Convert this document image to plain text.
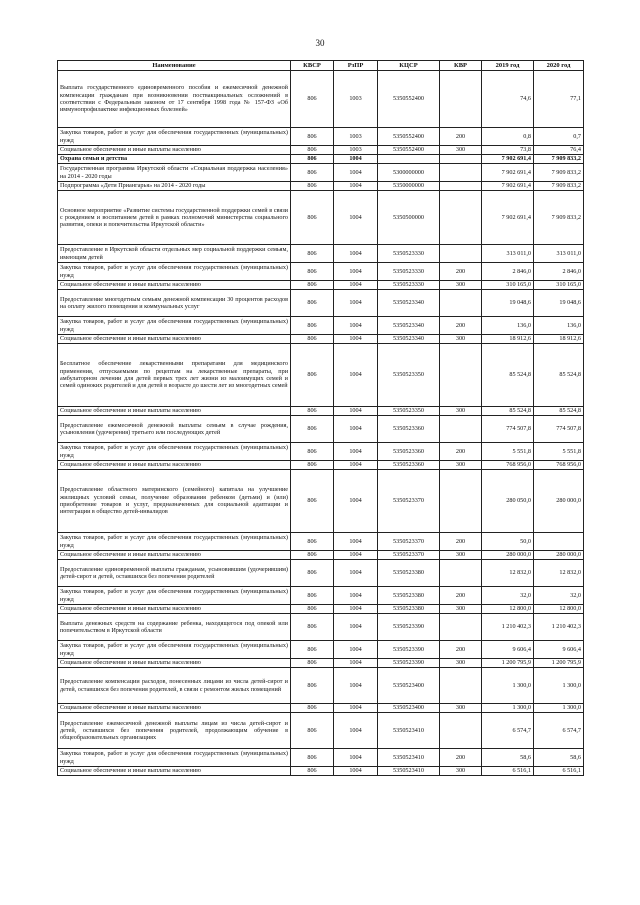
30
Наименование	КВСР	РзПР	КЦСР	КВР	2019 год	2020 год
Выплата государственного единовременного пособия и ежемесячной денежной компенсации гражданам при возникновении поствакцинальных осложнений в соответствии с Федеральным законом от 17 сентября 1998 года № 157-ФЗ «Об иммунопрофилактике инфекционных болезней»	806	1003	5350552400		74,6	77,1
Закупка товаров, работ и услуг для обеспечения государственных (муниципальных) нужд	806	1003	5350552400	200	0,8	0,7
Социальное обеспечение и иные выплаты населению	806	1003	5350552400	300	73,8	76,4
Охрана семьи и детства	806	1004			7 902 691,4	7 909 833,2
Государственная программа Иркутской области «Социальная поддержка населения» на 2014 - 2020 годы	806	1004	5300000000		7 902 691,4	7 909 833,2
Подпрограмма «Дети Приангарья» на 2014 - 2020 годы	806	1004	5350000000		7 902 691,4	7 909 833,2
Основное мероприятие «Развитие системы государственной поддержки семей в связи с рождением и воспитанием детей в рамках полномочий министерства социального развития, опеки и попечительства Иркутской области»	806	1004	5350500000		7 902 691,4	7 909 833,2
Предоставление в Иркутской области отдельных мер социальной поддержки семьям, имеющим детей	806	1004	5350523330		313 011,0	313 011,0
Закупка товаров, работ и услуг для обеспечения государственных (муниципальных) нужд	806	1004	5350523330	200	2 846,0	2 846,0
Социальное обеспечение и иные выплаты населению	806	1004	5350523330	300	310 165,0	310 165,0
Предоставление многодетным семьям денежной компенсации 30 процентов расходов на оплату жилого помещения и коммунальных услуг	806	1004	5350523340		19 048,6	19 048,6
Закупка товаров, работ и услуг для обеспечения государственных (муниципальных) нужд	806	1004	5350523340	200	136,0	136,0
Социальное обеспечение и иные выплаты населению	806	1004	5350523340	300	18 912,6	18 912,6
Бесплатное обеспечение лекарственными препаратами для медицинского применения, отпускаемыми по рецептам на лекарственные препараты, при амбулаторном лечении для детей первых трех лет жизни из малоимущих семей и семей одиноких родителей и для детей в возрасте до шести лет из многодетных семей	806	1004	5350523350		85 524,8	85 524,8
Социальное обеспечение и иные выплаты населению	806	1004	5350523350	300	85 524,8	85 524,8
Предоставление ежемесячной денежной выплаты семьям в случае рождения, усыновления (удочерения) третьего или последующих детей	806	1004	5350523360		774 507,8	774 507,8
Закупка товаров, работ и услуг для обеспечения государственных (муниципальных) нужд	806	1004	5350523360	200	5 551,8	5 551,8
Социальное обеспечение и иные выплаты населению	806	1004	5350523360	300	768 956,0	768 956,0
Предоставление областного материнского (семейного) капитала на улучшение жилищных условий семьи, получение образования ребенком (детьми) и (или) приобретение товаров и услуг, предназначенных для социальной адаптации и интеграции в общество детей-инвалидов	806	1004	5350523370		280 050,0	280 000,0
Закупка товаров, работ и услуг для обеспечения государственных (муниципальных) нужд	806	1004	5350523370	200	50,0	
Социальное обеспечение и иные выплаты населению	806	1004	5350523370	300	280 000,0	280 000,0
Предоставление единовременной выплаты гражданам, усыновившим (удочерившим) детей-сирот и детей, оставшихся без попечения родителей	806	1004	5350523380		12 832,0	12 832,0
Закупка товаров, работ и услуг для обеспечения государственных (муниципальных) нужд	806	1004	5350523380	200	32,0	32,0
Социальное обеспечение и иные выплаты населению	806	1004	5350523380	300	12 800,0	12 800,0
Выплата денежных средств на содержание ребенка, находящегося под опекой или попечительством в Иркутской области	806	1004	5350523390		1 210 402,3	1 210 402,3
Закупка товаров, работ и услуг для обеспечения государственных (муниципальных) нужд	806	1004	5350523390	200	9 606,4	9 606,4
Социальное обеспечение и иные выплаты населению	806	1004	5350523390	300	1 200 795,9	1 200 795,9
Предоставление компенсации расходов, понесенных лицами из числа детей-сирот и детей, оставшихся без попечения родителей, в связи с ремонтом жилых помещений	806	1004	5350523400		1 300,0	1 300,0
Социальное обеспечение и иные выплаты населению	806	1004	5350523400	300	1 300,0	1 300,0
Предоставление ежемесячной денежной выплаты лицам из числа детей-сирот и детей, оставшихся без попечения родителей, продолжающим обучение в общеобразовательных организациях	806	1004	5350523410		6 574,7	6 574,7
Закупка товаров, работ и услуг для обеспечения государственных (муниципальных) нужд	806	1004	5350523410	200	58,6	58,6
Социальное обеспечение и иные выплаты населению	806	1004	5350523410	300	6 516,1	6 516,1
